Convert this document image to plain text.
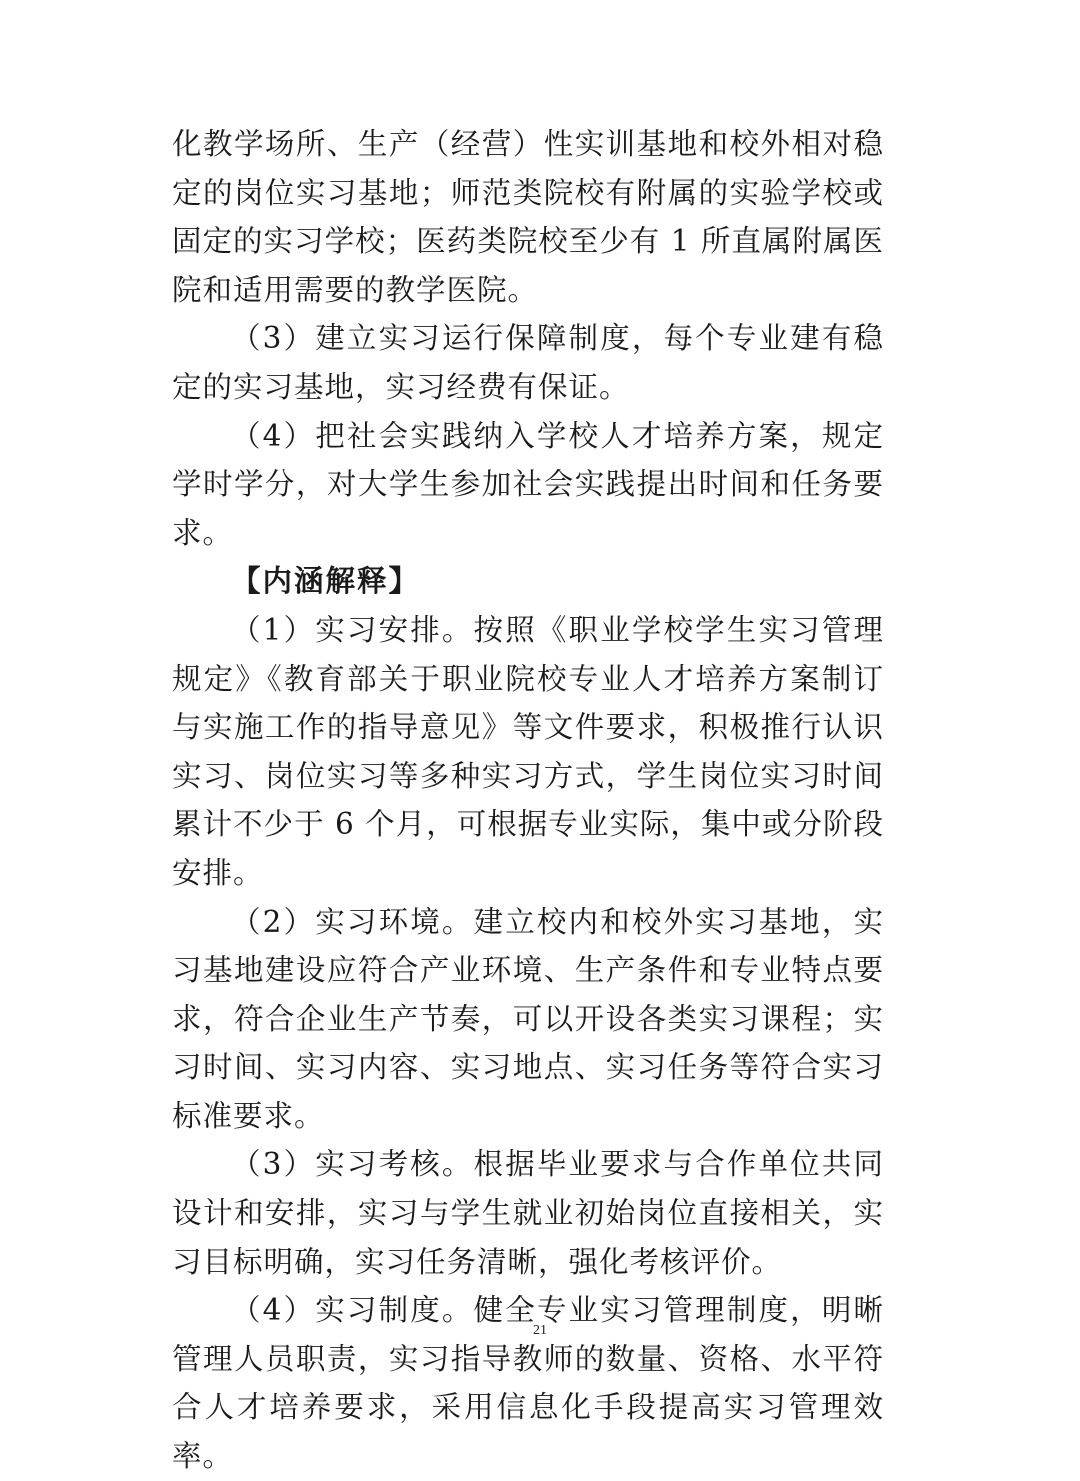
化教学场所、生产（经营）性实训基地和校外相对稳定的岗位实习基地；师范类院校有附属的实验学校或固定的实习学校；医药类院校至少有 1 所直属附属医院和适用需要的教学医院。

（3）建立实习运行保障制度，每个专业建有稳定的实习基地，实习经费有保证。

（4）把社会实践纳入学校人才培养方案，规定学时学分，对大学生参加社会实践提出时间和任务要求。

【内涵解释】

（1）实习安排。按照《职业学校学生实习管理规定》《教育部关于职业院校专业人才培养方案制订与实施工作的指导意见》等文件要求，积极推行认识实习、岗位实习等多种实习方式，学生岗位实习时间累计不少于 6 个月，可根据专业实际，集中或分阶段安排。

（2）实习环境。建立校内和校外实习基地，实习基地建设应符合产业环境、生产条件和专业特点要求，符合企业生产节奏，可以开设各类实习课程；实习时间、实习内容、实习地点、实习任务等符合实习标准要求。

（3）实习考核。根据毕业要求与合作单位共同设计和安排，实习与学生就业初始岗位直接相关，实习目标明确，实习任务清晰，强化考核评价。

（4）实习制度。健全专业实习管理制度，明晰管理人员职责，实习指导教师的数量、资格、水平符合人才培养要求，采用信息化手段提高实习管理效率。

21
